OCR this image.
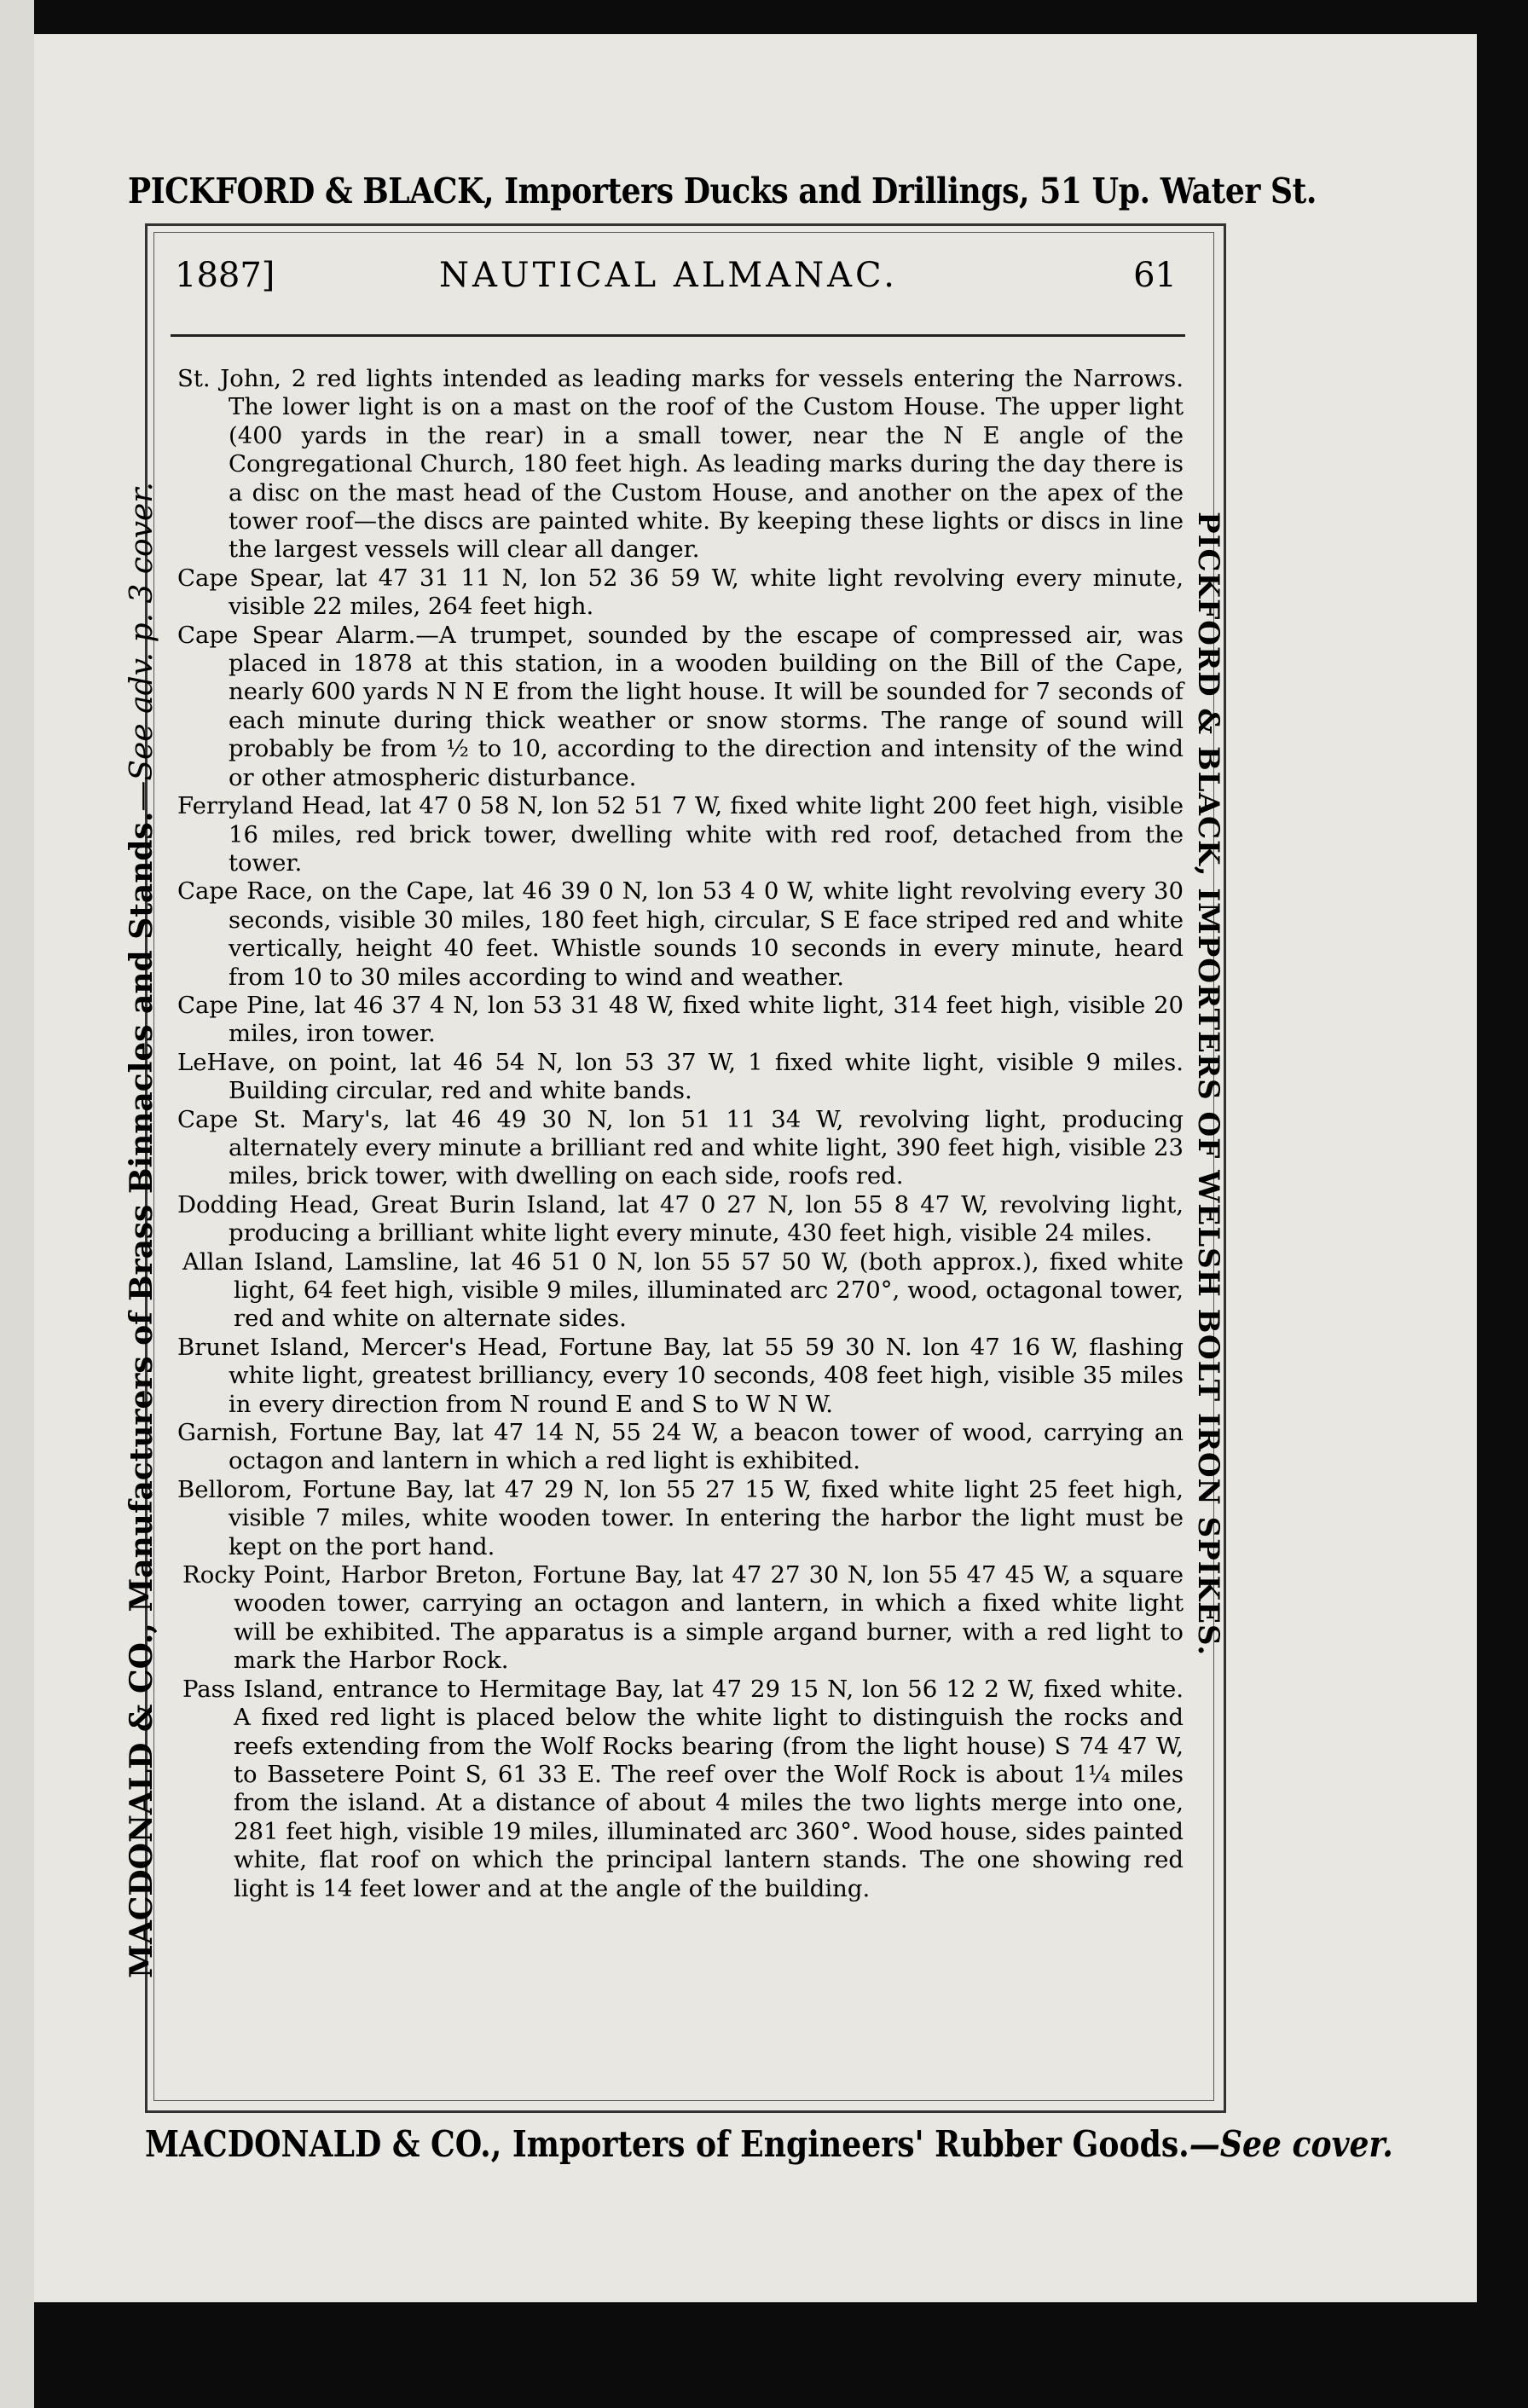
PICKFORD & BLACK, Importers Ducks and Drillings, 51 Up. Water St.
1887]	NAUTICAL ALMANAC.	61
MACDONALD & CO., Manufacturers of Brass Binnacles and Stands.—See adv. p. 3 cover.	PICKFORD & BLACK, IMPORTERS OF WELSH BOLT IRON SPIKES.

St. John, 2 red lights intended as leading marks for vessels entering the Narrows. The lower light is on a mast on the roof of the Custom House. The upper light (400 yards in the rear) in a small tower, near the N E angle of the Congregational Church, 180 feet high. As leading marks during the day there is a disc on the mast head of the Custom House, and another on the apex of the tower roof—the discs are painted white. By keeping these lights or discs in line the largest vessels will clear all danger.

Cape Spear, lat 47 31 11 N, lon 52 36 59 W, white light revolving every minute, visible 22 miles, 264 feet high.

Cape Spear Alarm.—A trumpet, sounded by the escape of compressed air, was placed in 1878 at this station, in a wooden building on the Bill of the Cape, nearly 600 yards N N E from the light house. It will be sounded for 7 seconds of each minute during thick weather or snow storms. The range of sound will probably be from ½ to 10, according to the direction and intensity of the wind or other atmospheric disturbance.

Ferryland Head, lat 47 0 58 N, lon 52 51 7 W, fixed white light 200 feet high, visible 16 miles, red brick tower, dwelling white with red roof, detached from the tower.

Cape Race, on the Cape, lat 46 39 0 N, lon 53 4 0 W, white light revolving every 30 seconds, visible 30 miles, 180 feet high, circular, S E face striped red and white vertically, height 40 feet. Whistle sounds 10 seconds in every minute, heard from 10 to 30 miles according to wind and weather.

Cape Pine, lat 46 37 4 N, lon 53 31 48 W, fixed white light, 314 feet high, visible 20 miles, iron tower.

LeHave, on point, lat 46 54 N, lon 53 37 W, 1 fixed white light, visible 9 miles. Building circular, red and white bands.

Cape St. Mary's, lat 46 49 30 N, lon 51 11 34 W, revolving light, producing alternately every minute a brilliant red and white light, 390 feet high, visible 23 miles, brick tower, with dwelling on each side, roofs red.

Dodding Head, Great Burin Island, lat 47 0 27 N, lon 55 8 47 W, revolving light, producing a brilliant white light every minute, 430 feet high, visible 24 miles.

Allan Island, Lamsline, lat 46 51 0 N, lon 55 57 50 W, (both approx.), fixed white light, 64 feet high, visible 9 miles, illuminated arc 270°, wood, octagonal tower, red and white on alternate sides.

Brunet Island, Mercer's Head, Fortune Bay, lat 55 59 30 N. lon 47 16 W, flashing white light, greatest brilliancy, every 10 seconds, 408 feet high, visible 35 miles in every direction from N round E and S to W N W.

Garnish, Fortune Bay, lat 47 14 N, 55 24 W, a beacon tower of wood, carrying an octagon and lantern in which a red light is exhibited.

Bellorom, Fortune Bay, lat 47 29 N, lon 55 27 15 W, fixed white light 25 feet high, visible 7 miles, white wooden tower. In entering the harbor the light must be kept on the port hand.

Rocky Point, Harbor Breton, Fortune Bay, lat 47 27 30 N, lon 55 47 45 W, a square wooden tower, carrying an octagon and lantern, in which a fixed white light will be exhibited. The apparatus is a simple argand burner, with a red light to mark the Harbor Rock.

Pass Island, entrance to Hermitage Bay, lat 47 29 15 N, lon 56 12 2 W, fixed white. A fixed red light is placed below the white light to distinguish the rocks and reefs extending from the Wolf Rocks bearing (from the light house) S 74 47 W, to Bassetere Point S, 61 33 E. The reef over the Wolf Rock is about 1¼ miles from the island. At a distance of about 4 miles the two lights merge into one, 281 feet high, visible 19 miles, illuminated arc 360°. Wood house, sides painted white, flat roof on which the principal lantern stands. The one showing red light is 14 feet lower and at the angle of the building.

MACDONALD & CO., Importers of Engineers' Rubber Goods.—See cover.
